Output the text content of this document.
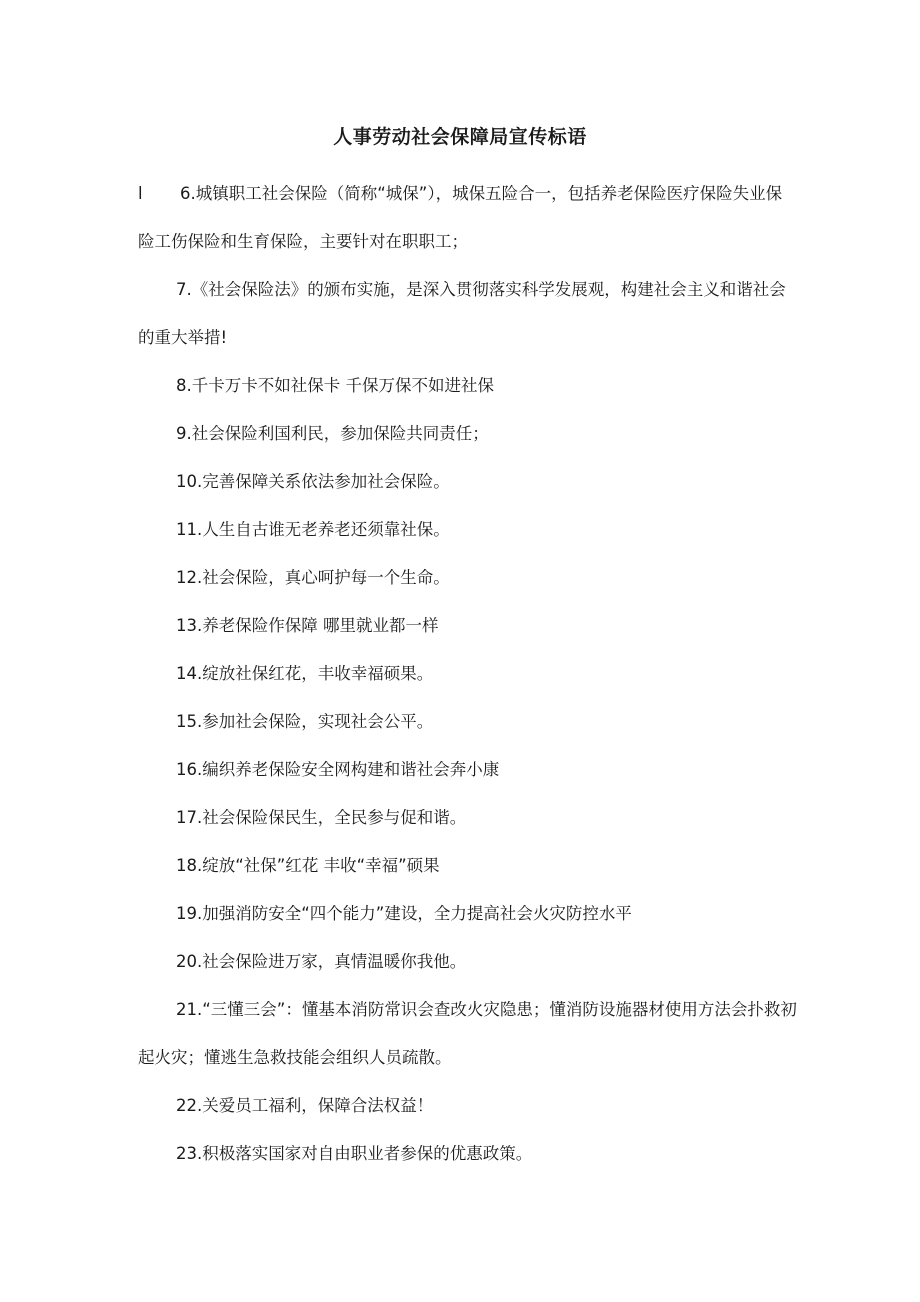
人事劳动社会保障局宣传标语

l 6.城镇职工社会保险（简称“城保”），城保五险合一，包括养老保险医疗保险失业保险工伤保险和生育保险，主要针对在职职工；

7.《社会保险法》的颁布实施，是深入贯彻落实科学发展观，构建社会主义和谐社会的重大举措!

8.千卡万卡不如社保卡 千保万保不如进社保

9.社会保险利国利民，参加保险共同责任；

10.完善保障关系依法参加社会保险。

11.人生自古谁无老养老还须靠社保。

12.社会保险，真心呵护每一个生命。

13.养老保险作保障 哪里就业都一样

14.绽放社保红花，丰收幸福硕果。

15.参加社会保险，实现社会公平。

16.编织养老保险安全网构建和谐社会奔小康

17.社会保险保民生，全民参与促和谐。

18.绽放“社保”红花 丰收“幸福”硕果

19.加强消防安全“四个能力”建设，全力提高社会火灾防控水平

20.社会保险进万家，真情温暖你我他。

21.“三懂三会”：懂基本消防常识会查改火灾隐患；懂消防设施器材使用方法会扑救初起火灾；懂逃生急救技能会组织人员疏散。

22.关爱员工福利，保障合法权益！

23.积极落实国家对自由职业者参保的优惠政策。
